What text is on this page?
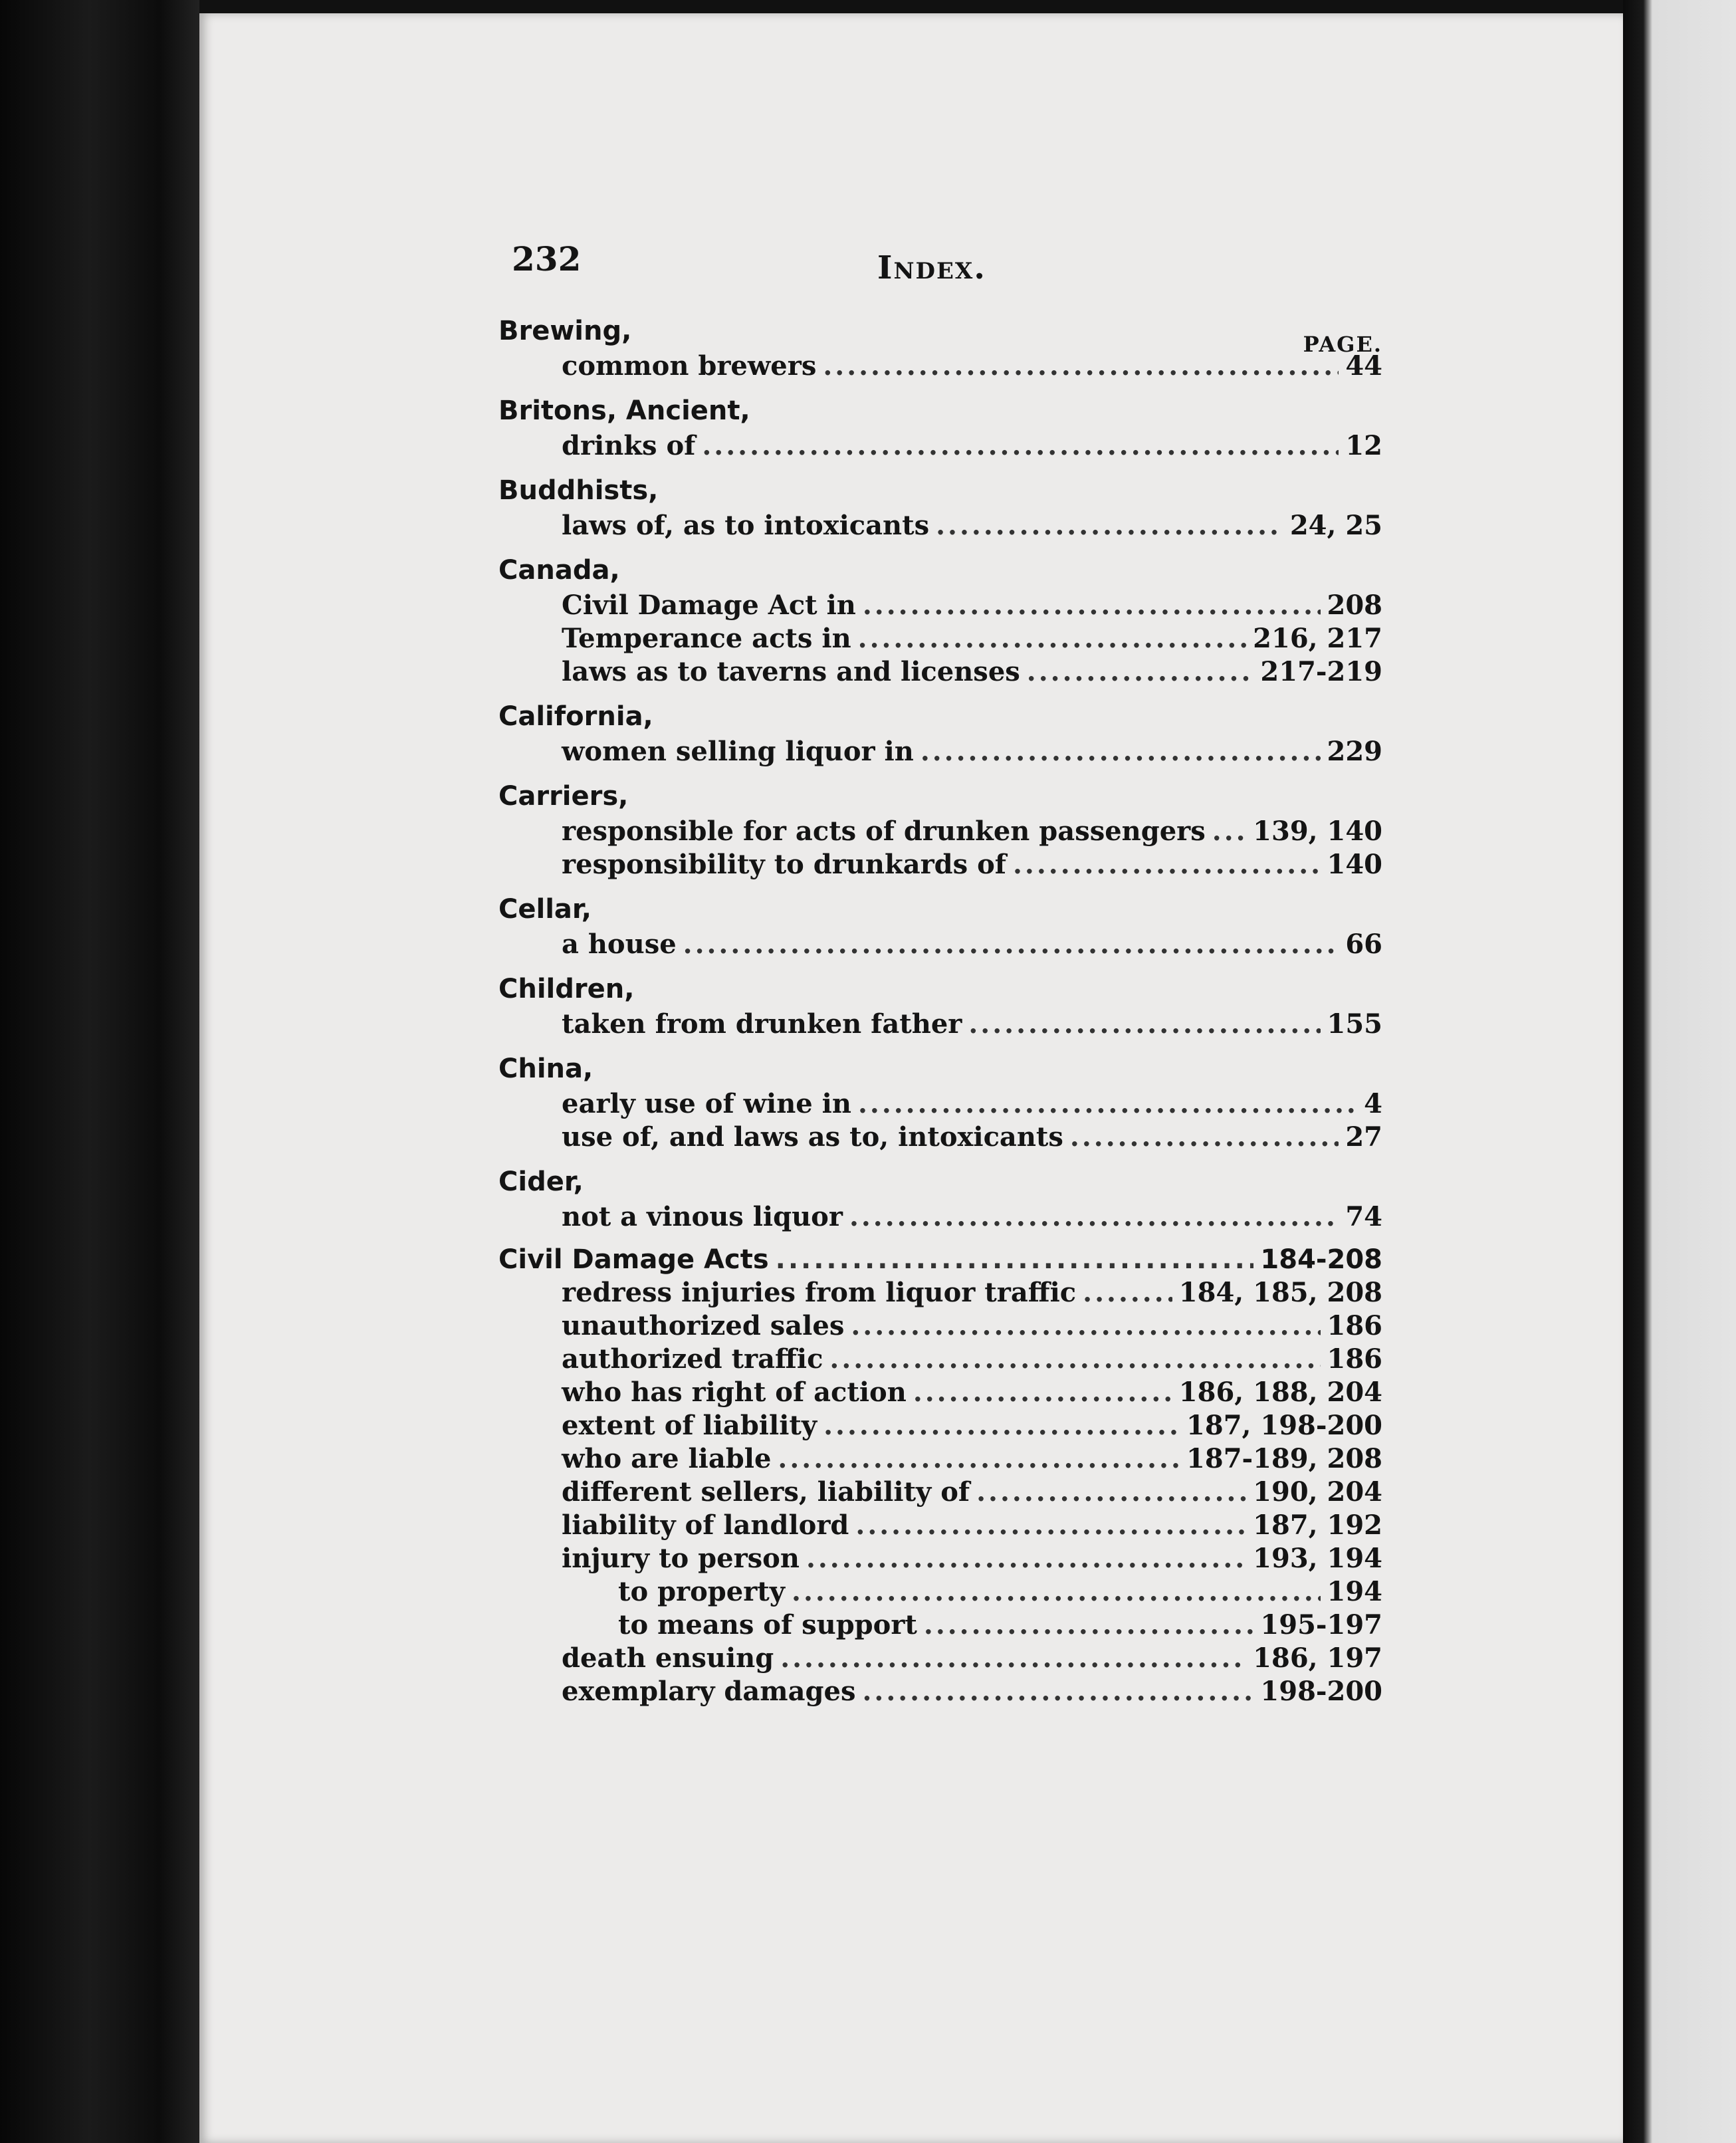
232	Index.
Brewing,	PAGE.
common brewers .....	44
Britons, Ancient,
drinks of .....	12
Buddhists,
laws of, as to intoxicants .....	24, 25
Canada,
Civil Damage Act in .....	208
Temperance acts in .....	216, 217
laws as to taverns and licenses .....	217-219
California,
women selling liquor in .....	229
Carriers,
responsible for acts of drunken passengers ..... 139, 140
responsibility to drunkards of .....	140
Cellar,
a house .....	66
Children,
taken from drunken father .....	155
China,
early use of wine in .....	4
use of, and laws as to, intoxicants .....	27
Cider,
not a vinous liquor .....	74
Civil Damage Acts .....	184-208
redress injuries from liquor traffic .....	184, 185, 208
unauthorized sales .....	186
authorized traffic .....	186
who has right of action .....	186, 188, 204
extent of liability .....	187, 198-200
who are liable .....	187-189, 208
different sellers, liability of .....	190, 204
liability of landlord .....	187, 192
injury to person .....	193, 194
to property .....	194
to means of support .....	195-197
death ensuing .....	186, 197
exemplary damages .....	198-200
